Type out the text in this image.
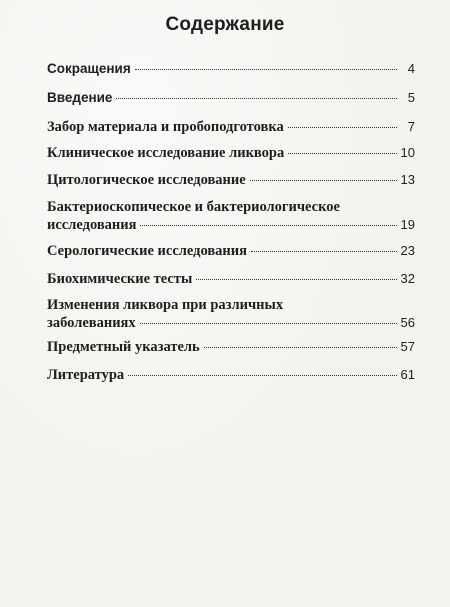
Содержание
Сокращения	4
Введение	5
Забор материала и пробоподготовка	7
Клиническое исследование ликвора	10
Цитологическое исследование	13
Бактериоскопическое и бактериологическое
исследования	19
Серологические исследования	23
Биохимические тесты	32
Изменения ликвора при различных
заболеваниях	56
Предметный указатель	57
Литература	61
